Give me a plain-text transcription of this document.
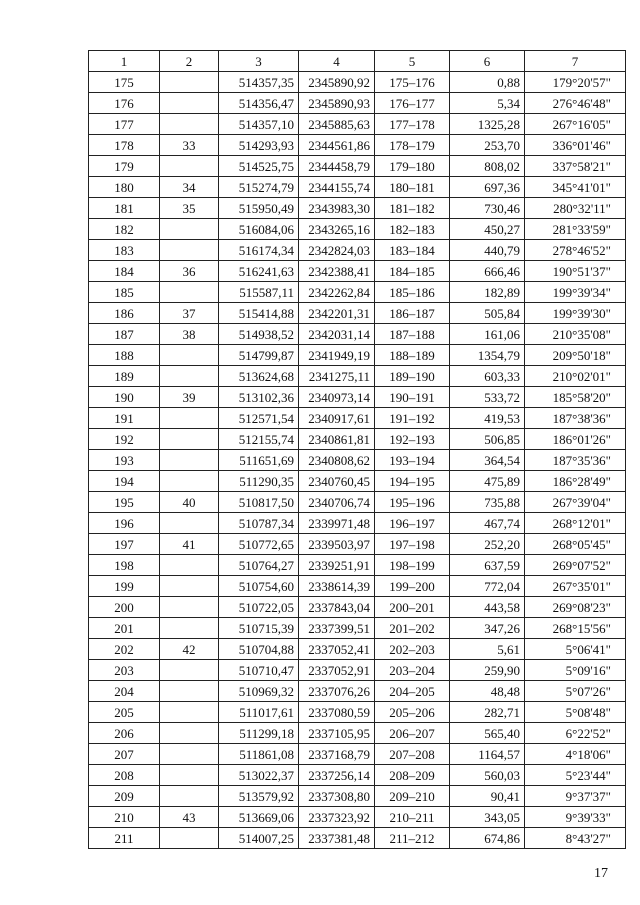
1	2	3	4	5	6	7
175		514357,35	2345890,92	175–176	0,88	179°20'57"
176		514356,47	2345890,93	176–177	5,34	276°46'48"
177		514357,10	2345885,63	177–178	1325,28	267°16'05"
178	33	514293,93	2344561,86	178–179	253,70	336°01'46"
179		514525,75	2344458,79	179–180	808,02	337°58'21"
180	34	515274,79	2344155,74	180–181	697,36	345°41'01"
181	35	515950,49	2343983,30	181–182	730,46	280°32'11"
182		516084,06	2343265,16	182–183	450,27	281°33'59"
183		516174,34	2342824,03	183–184	440,79	278°46'52"
184	36	516241,63	2342388,41	184–185	666,46	190°51'37"
185		515587,11	2342262,84	185–186	182,89	199°39'34"
186	37	515414,88	2342201,31	186–187	505,84	199°39'30"
187	38	514938,52	2342031,14	187–188	161,06	210°35'08"
188		514799,87	2341949,19	188–189	1354,79	209°50'18"
189		513624,68	2341275,11	189–190	603,33	210°02'01"
190	39	513102,36	2340973,14	190–191	533,72	185°58'20"
191		512571,54	2340917,61	191–192	419,53	187°38'36"
192		512155,74	2340861,81	192–193	506,85	186°01'26"
193		511651,69	2340808,62	193–194	364,54	187°35'36"
194		511290,35	2340760,45	194–195	475,89	186°28'49"
195	40	510817,50	2340706,74	195–196	735,88	267°39'04"
196		510787,34	2339971,48	196–197	467,74	268°12'01"
197	41	510772,65	2339503,97	197–198	252,20	268°05'45"
198		510764,27	2339251,91	198–199	637,59	269°07'52"
199		510754,60	2338614,39	199–200	772,04	267°35'01"
200		510722,05	2337843,04	200–201	443,58	269°08'23"
201		510715,39	2337399,51	201–202	347,26	268°15'56"
202	42	510704,88	2337052,41	202–203	5,61	5°06'41"
203		510710,47	2337052,91	203–204	259,90	5°09'16"
204		510969,32	2337076,26	204–205	48,48	5°07'26"
205		511017,61	2337080,59	205–206	282,71	5°08'48"
206		511299,18	2337105,95	206–207	565,40	6°22'52"
207		511861,08	2337168,79	207–208	1164,57	4°18'06"
208		513022,37	2337256,14	208–209	560,03	5°23'44"
209		513579,92	2337308,80	209–210	90,41	9°37'37"
210	43	513669,06	2337323,92	210–211	343,05	9°39'33"
211		514007,25	2337381,48	211–212	674,86	8°43'27"
17
